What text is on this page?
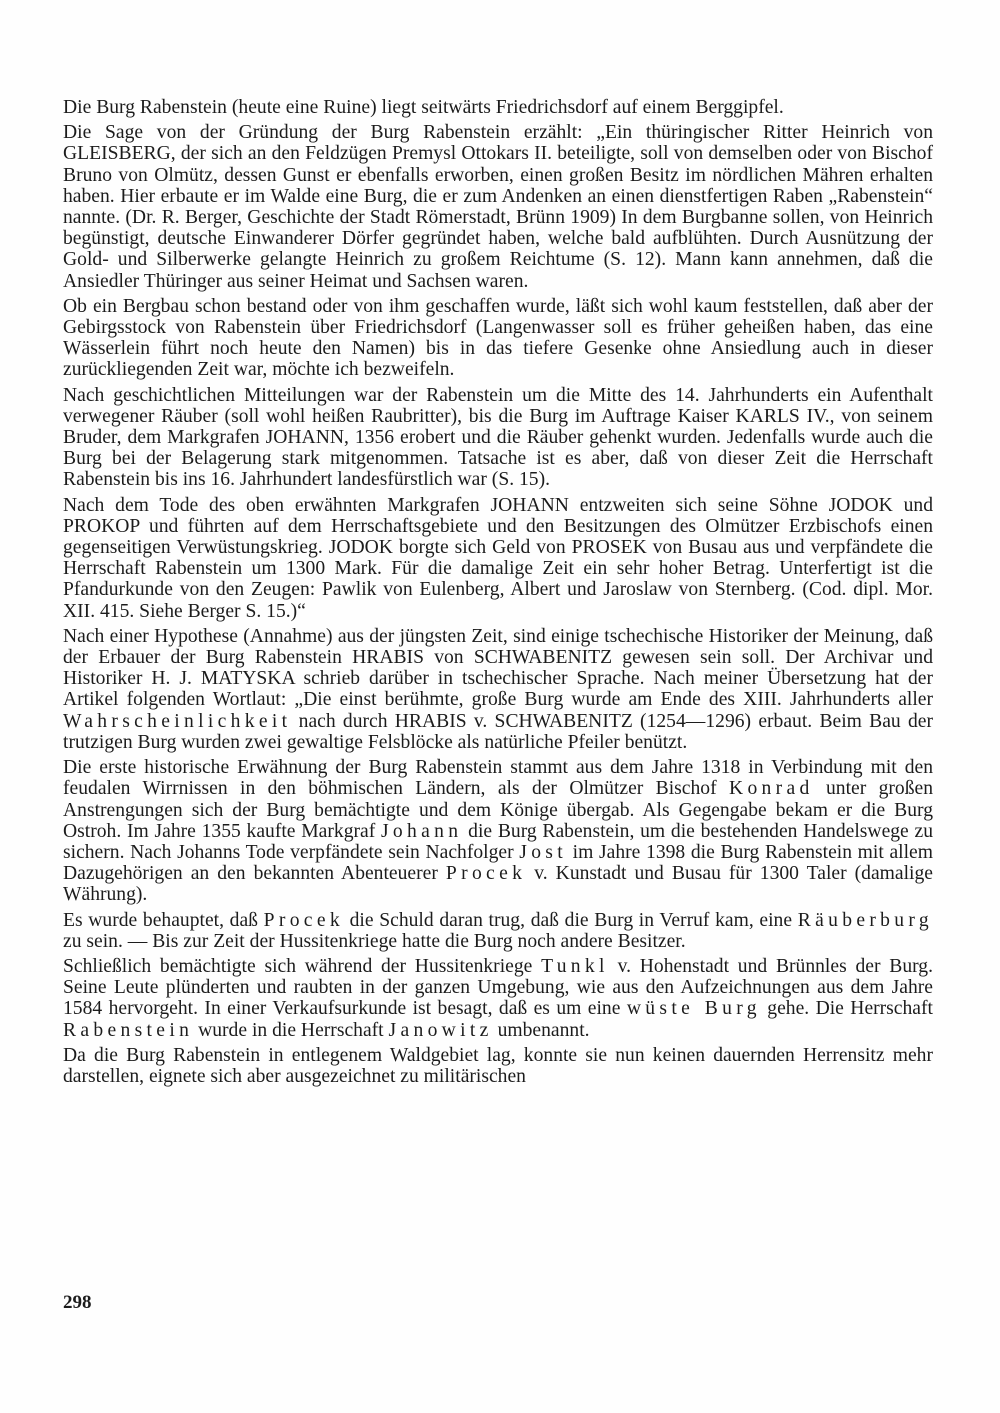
Die Burg Rabenstein (heute eine Ruine) liegt seitwärts Friedrichsdorf auf einem Berggipfel.

Die Sage von der Gründung der Burg Rabenstein erzählt: „Ein thüringischer Ritter Heinrich von GLEISBERG, der sich an den Feldzügen Premysl Ottokars II. beteiligte, soll von demselben oder von Bischof Bruno von Olmütz, dessen Gunst er ebenfalls erworben, einen großen Besitz im nördlichen Mähren erhalten haben. Hier erbaute er im Walde eine Burg, die er zum Andenken an einen dienstfertigen Raben „Rabenstein“ nannte. (Dr. R. Berger, Geschichte der Stadt Römerstadt, Brünn 1909) In dem Burgbanne sollen, von Heinrich begünstigt, deutsche Einwanderer Dörfer gegründet haben, welche bald aufblühten. Durch Ausnützung der Gold- und Silberwerke gelangte Heinrich zu großem Reichtume (S. 12). Mann kann annehmen, daß die Ansiedler Thüringer aus seiner Heimat und Sachsen waren.

Ob ein Bergbau schon bestand oder von ihm geschaffen wurde, läßt sich wohl kaum feststellen, daß aber der Gebirgsstock von Rabenstein über Friedrichsdorf (Langenwasser soll es früher geheißen haben, das eine Wässerlein führt noch heute den Namen) bis in das tiefere Gesenke ohne Ansiedlung auch in dieser zurückliegenden Zeit war, möchte ich bezweifeln.

Nach geschichtlichen Mitteilungen war der Rabenstein um die Mitte des 14. Jahrhunderts ein Aufenthalt verwegener Räuber (soll wohl heißen Raubritter), bis die Burg im Auftrage Kaiser KARLS IV., von seinem Bruder, dem Markgrafen JOHANN, 1356 erobert und die Räuber gehenkt wurden. Jedenfalls wurde auch die Burg bei der Belagerung stark mitgenommen. Tatsache ist es aber, daß von dieser Zeit die Herrschaft Rabenstein bis ins 16. Jahrhundert landesfürstlich war (S. 15).

Nach dem Tode des oben erwähnten Markgrafen JOHANN entzweiten sich seine Söhne JODOK und PROKOP und führten auf dem Herrschaftsgebiete und den Besitzungen des Olmützer Erzbischofs einen gegenseitigen Verwüstungskrieg. JODOK borgte sich Geld von PROSEK von Busau aus und verpfändete die Herrschaft Rabenstein um 1300 Mark. Für die damalige Zeit ein sehr hoher Betrag. Unterfertigt ist die Pfandurkunde von den Zeugen: Pawlik von Eulenberg, Albert und Jaroslaw von Sternberg. (Cod. dipl. Mor. XII. 415. Siehe Berger S. 15.)“

Nach einer Hypothese (Annahme) aus der jüngsten Zeit, sind einige tschechische Historiker der Meinung, daß der Erbauer der Burg Rabenstein HRABIS von SCHWABENITZ gewesen sein soll. Der Archivar und Historiker H. J. MATYSKA schrieb darüber in tschechischer Sprache. Nach meiner Übersetzung hat der Artikel folgenden Wortlaut: „Die einst berühmte, große Burg wurde am Ende des XIII. Jahrhunderts aller Wahrscheinlichkeit nach durch HRABIS v. SCHWABENITZ (1254—1296) erbaut. Beim Bau der trutzigen Burg wurden zwei gewaltige Felsblöcke als natürliche Pfeiler benützt.

Die erste historische Erwähnung der Burg Rabenstein stammt aus dem Jahre 1318 in Verbindung mit den feudalen Wirrnissen in den böhmischen Ländern, als der Olmützer Bischof Konrad unter großen Anstrengungen sich der Burg bemächtigte und dem Könige übergab. Als Gegengabe bekam er die Burg Ostroh. Im Jahre 1355 kaufte Markgraf Johann die Burg Rabenstein, um die bestehenden Handelswege zu sichern. Nach Johanns Tode verpfändete sein Nachfolger Jost im Jahre 1398 die Burg Rabenstein mit allem Dazugehörigen an den bekannten Abenteuerer Procek v. Kunstadt und Busau für 1300 Taler (damalige Währung).

Es wurde behauptet, daß Procek die Schuld daran trug, daß die Burg in Verruf kam, eine Räuberburg zu sein. — Bis zur Zeit der Hussitenkriege hatte die Burg noch andere Besitzer.

Schließlich bemächtigte sich während der Hussitenkriege Tunkl v. Hohenstadt und Brünnles der Burg. Seine Leute plünderten und raubten in der ganzen Umgebung, wie aus den Aufzeichnungen aus dem Jahre 1584 hervorgeht. In einer Verkaufsurkunde ist besagt, daß es um eine wüste Burg gehe. Die Herrschaft Rabenstein wurde in die Herrschaft Janowitz umbenannt.

Da die Burg Rabenstein in entlegenem Waldgebiet lag, konnte sie nun keinen dauernden Herrensitz mehr darstellen, eignete sich aber ausgezeichnet zu militärischen

298
